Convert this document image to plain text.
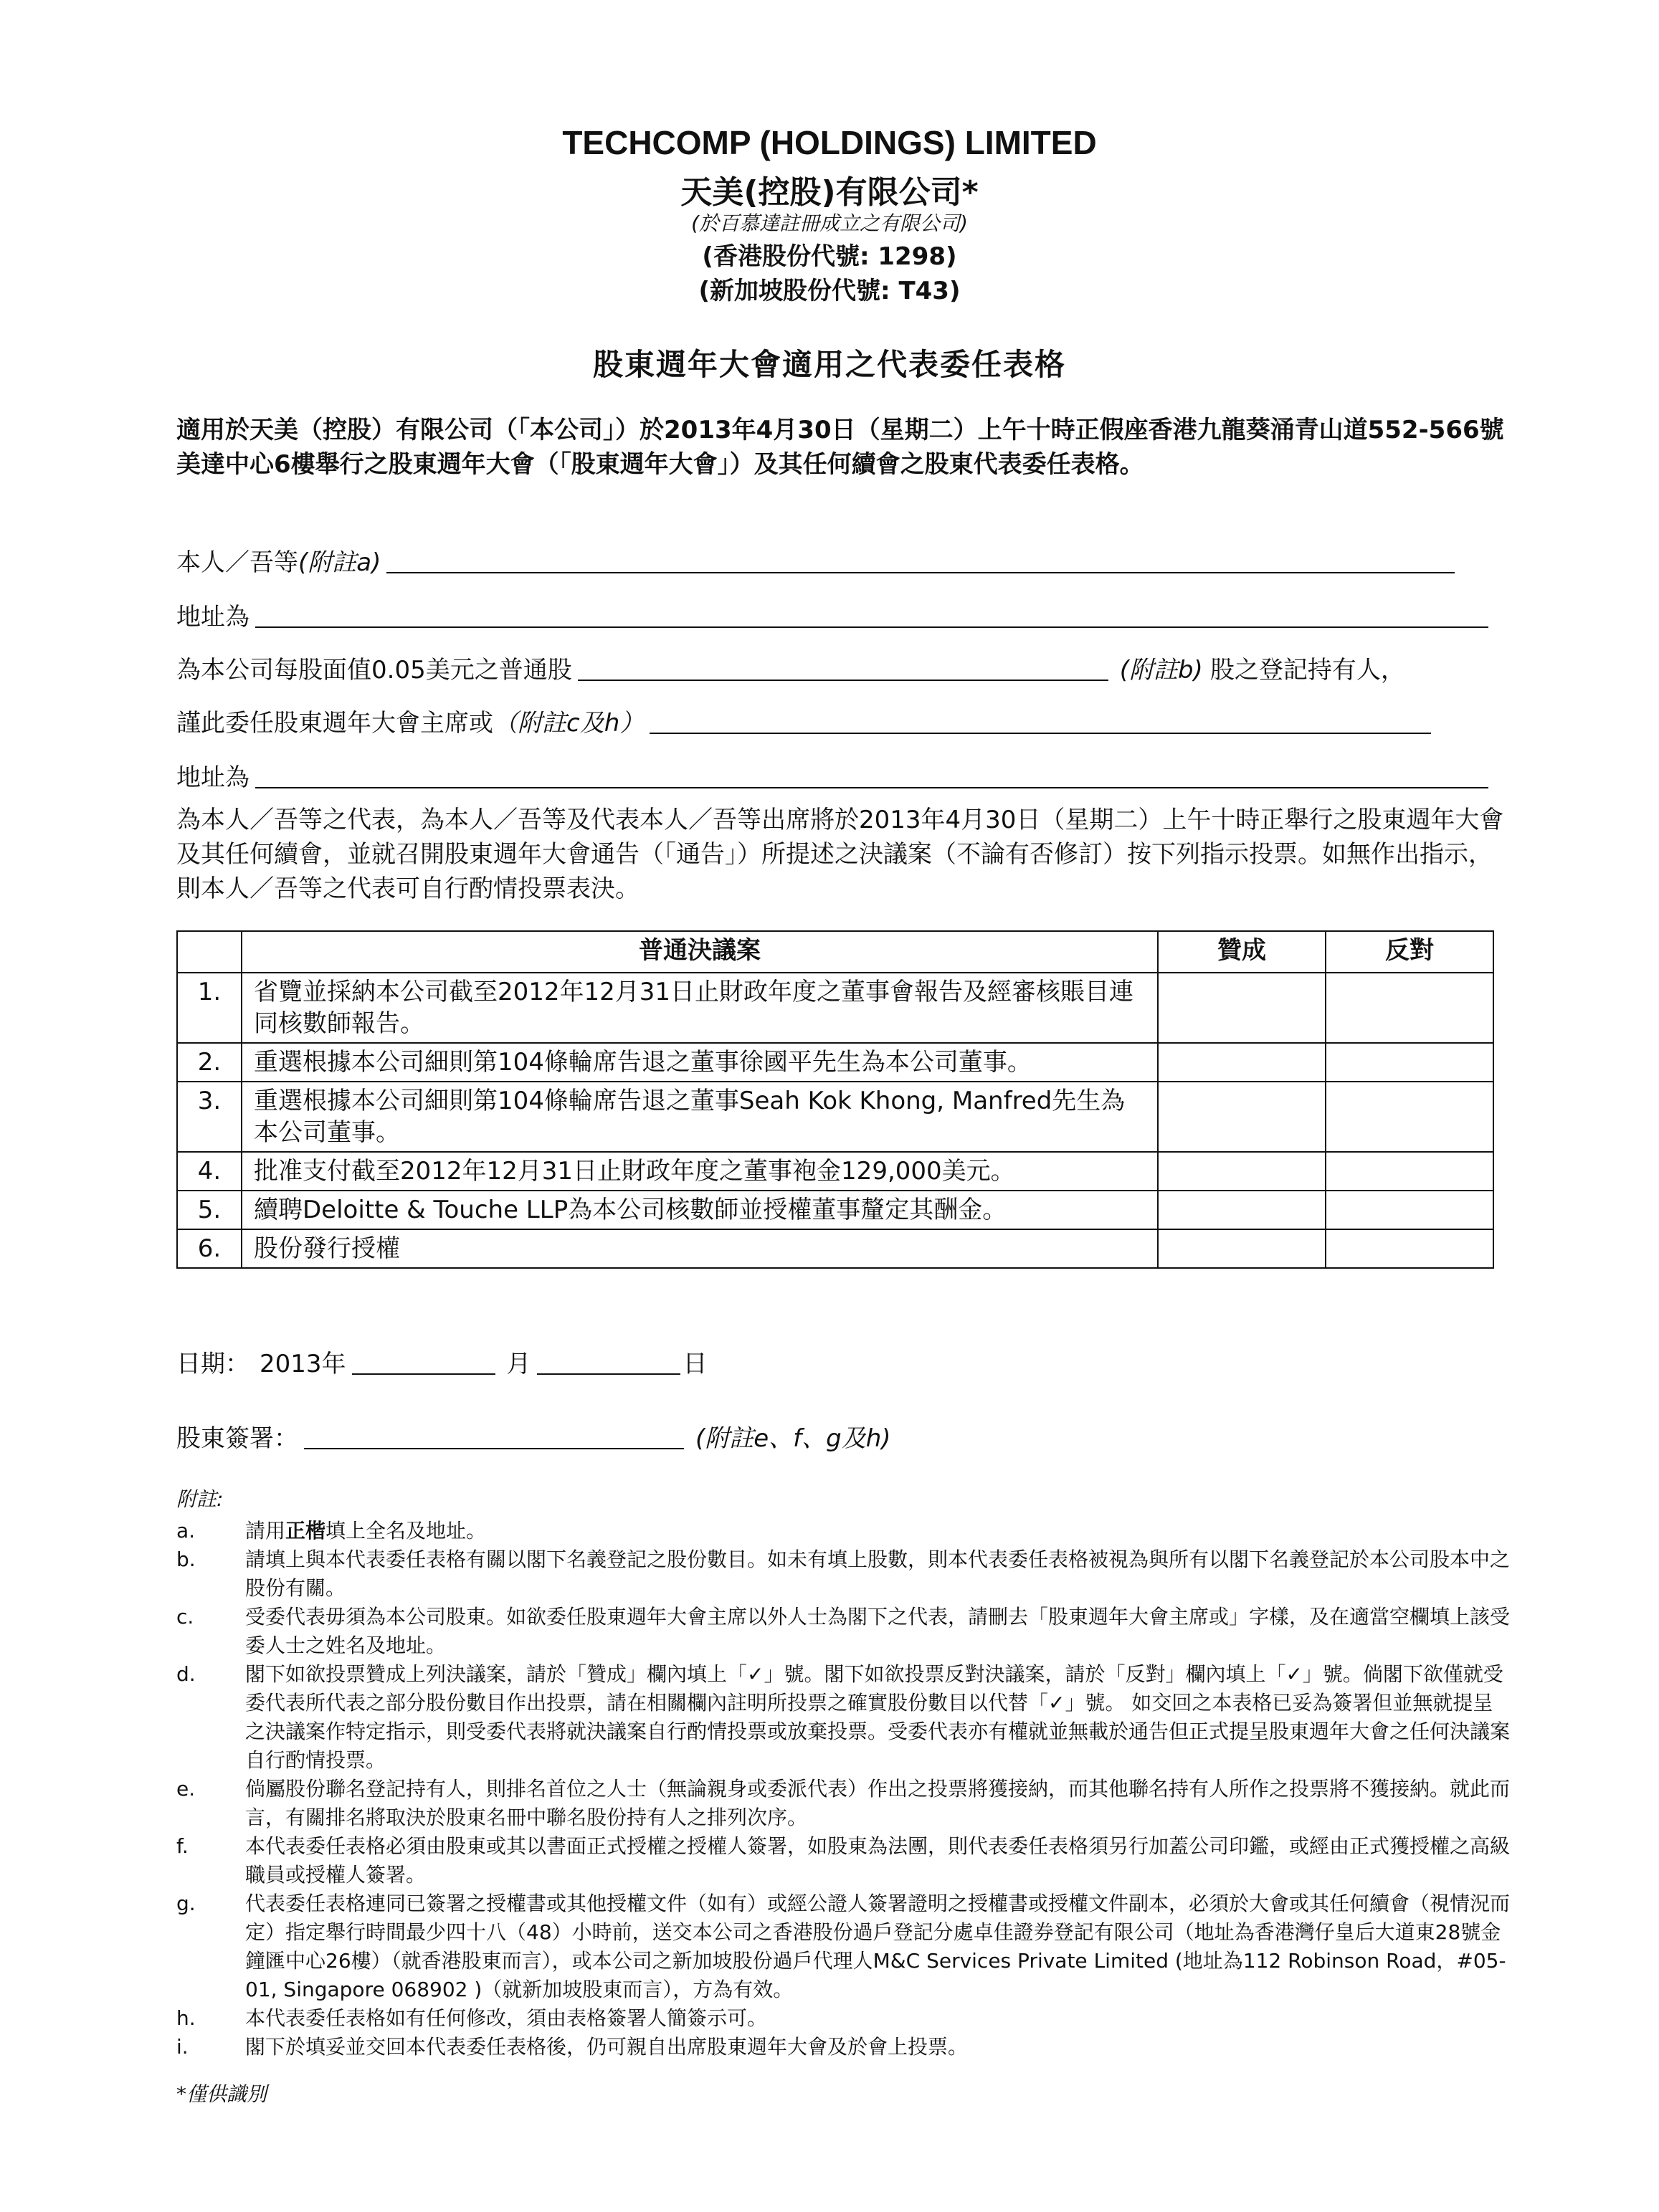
TECHCOMP (HOLDINGS) LIMITED
天美(控股)有限公司*
(於百慕達註冊成立之有限公司)
(香港股份代號: 1298)
(新加坡股份代號: T43)
股東週年大會適用之代表委任表格
適用於天美（控股）有限公司（「本公司」）於2013年4月30日（星期二）上午十時正假座香港九龍葵涌青山道552-566號美達中心6樓舉行之股東週年大會（「股東週年大會」）及其任何續會之股東代表委任表格。
本人／吾等 (附註a)
地址為
為本公司每股面值0.05美元之普通股	(附註b) 股之登記持有人，
謹此委任股東週年大會主席或 （附註c及h）
地址為
為本人／吾等之代表，為本人／吾等及代表本人／吾等出席將於2013年4月30日（星期二）上午十時正舉行之股東週年大會及其任何續會，並就召開股東週年大會通告（「通告」）所提述之決議案（不論有否修訂）按下列指示投票。如無作出指示，則本人／吾等之代表可自行酌情投票表決。
	普通決議案	贊成	反對
1.	省覽並採納本公司截至2012年12月31日止財政年度之董事會報告及經審核賬目連同核數師報告。		
2.	重選根據本公司細則第104條輪席告退之董事徐國平先生為本公司董事。		
3.	重選根據本公司細則第104條輪席告退之董事Seah Kok Khong, Manfred先生為本公司董事。		
4.	批准支付截至2012年12月31日止財政年度之董事袍金129,000美元。		
5.	續聘Deloitte & Touche LLP為本公司核數師並授權董事釐定其酬金。		
6.	股份發行授權		
日期： 2013年	月	日
股東簽署：	(附註e、f、g及h)
附註:
a.	請用正楷填上全名及地址。
b.	請填上與本代表委任表格有關以閣下名義登記之股份數目。如未有填上股數，則本代表委任表格被視為與所有以閣下名義登記於本公司股本中之股份有關。
c.	受委代表毋須為本公司股東。如欲委任股東週年大會主席以外人士為閣下之代表，請刪去「股東週年大會主席或」字樣，及在適當空欄填上該受委人士之姓名及地址。
d.	閣下如欲投票贊成上列決議案，請於「贊成」欄內填上「✓」號。閣下如欲投票反對決議案，請於「反對」欄內填上「✓」號。倘閣下欲僅就受委代表所代表之部分股份數目作出投票，請在相關欄內註明所投票之確實股份數目以代替「✓」號。 如交回之本表格已妥為簽署但並無就提呈之決議案作特定指示，則受委代表將就決議案自行酌情投票或放棄投票。受委代表亦有權就並無載於通告但正式提呈股東週年大會之任何決議案自行酌情投票。
e.	倘屬股份聯名登記持有人，則排名首位之人士（無論親身或委派代表）作出之投票將獲接納，而其他聯名持有人所作之投票將不獲接納。就此而言，有關排名將取決於股東名冊中聯名股份持有人之排列次序。
f.	本代表委任表格必須由股東或其以書面正式授權之授權人簽署，如股東為法團，則代表委任表格須另行加蓋公司印鑑，或經由正式獲授權之高級職員或授權人簽署。
g.	代表委任表格連同已簽署之授權書或其他授權文件（如有）或經公證人簽署證明之授權書或授權文件副本，必須於大會或其任何續會（視情況而定）指定舉行時間最少四十八（48）小時前，送交本公司之香港股份過戶登記分處卓佳證券登記有限公司（地址為香港灣仔皇后大道東28號金鐘匯中心26樓）（就香港股東而言），或本公司之新加坡股份過戶代理人M&C Services Private Limited (地址為112 Robinson Road，#05-01, Singapore 068902 )（就新加坡股東而言），方為有效。
h.	本代表委任表格如有任何修改，須由表格簽署人簡簽示可。
i.	閣下於填妥並交回本代表委任表格後，仍可親自出席股東週年大會及於會上投票。
*僅供識別
